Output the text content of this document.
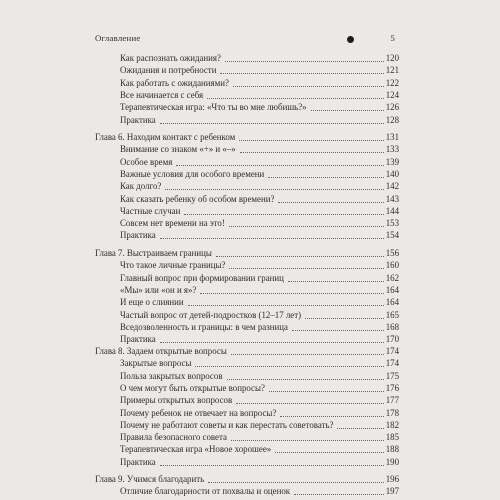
Оглавление	5
Как распознать ожидания?	120
Ожидания и потребности	121
Как работать с ожиданиями?	122
Все начинается с себя	124
Терапевтическая игра: «Что ты во мне любишь?»	126
Практика	128
Глава 6. Находим контакт с ребенком	131
Внимание со знаком «+» и «–»	133
Особое время	139
Важные условия для особого времени	140
Как долго?	142
Как сказать ребенку об особом времени?	143
Частные случаи	144
Совсем нет времени на это!	153
Практика	154
Глава 7. Выстраиваем границы	156
Что такое личные границы?	160
Главный вопрос при формировании границ	162
«Мы» или «он и я»?	164
И еще о слиянии	164
Частый вопрос от детей-подростков (12–17 лет)	165
Вседозволенность и границы: в чем разница	168
Практика	170
Глава 8. Задаем открытые вопросы	174
Закрытые вопросы	174
Польза закрытых вопросов	175
О чем могут быть открытые вопросы?	176
Примеры открытых вопросов	177
Почему ребенок не отвечает на вопросы?	178
Почему не работают советы и как перестать советовать?	182
Правила безопасного совета	185
Терапевтическая игра «Новое хорошее»	188
Практика	190
Глава 9. Учимся благодарить	196
Отличие благодарности от похвалы и оценок	197
